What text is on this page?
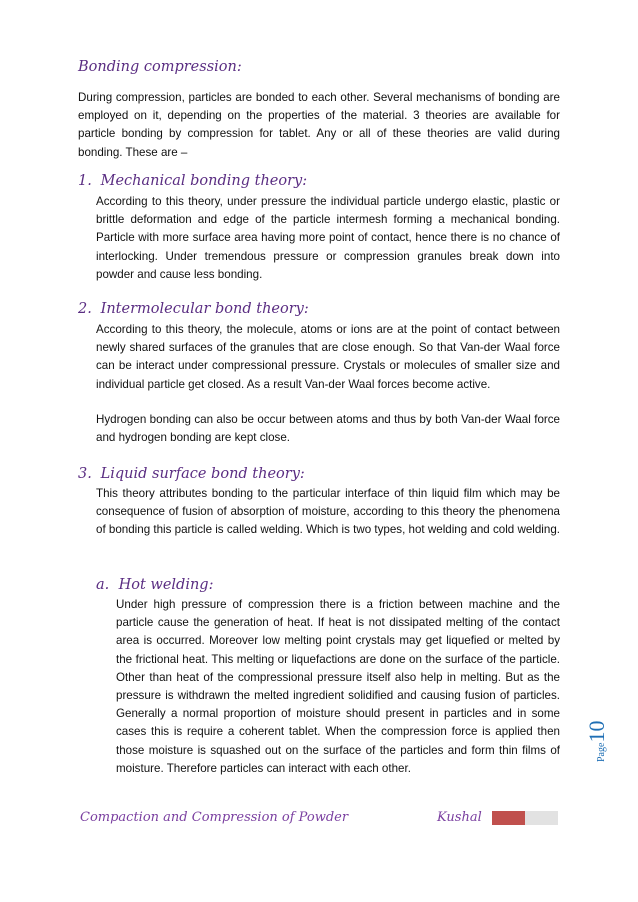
Bonding compression:

During compression, particles are bonded to each other. Several mechanisms of bonding are employed on it, depending on the properties of the material. 3 theories are available for particle bonding by compression for tablet. Any or all of these theories are valid during bonding. These are –

1. Mechanical bonding theory:

According to this theory, under pressure the individual particle undergo elastic, plastic or brittle deformation and edge of the particle intermesh forming a mechanical bonding. Particle with more surface area having more point of contact, hence there is no chance of interlocking. Under tremendous pressure or compression granules break down into powder and cause less bonding.

2. Intermolecular bond theory:

According to this theory, the molecule, atoms or ions are at the point of contact between newly shared surfaces of the granules that are close enough. So that Van-der Waal force can be interact under compressional pressure. Crystals or molecules of smaller size and individual particle get closed. As a result Van-der Waal forces become active.

Hydrogen bonding can also be occur between atoms and thus by both Van-der Waal force and hydrogen bonding are kept close.

3. Liquid surface bond theory:

This theory attributes bonding to the particular interface of thin liquid film which may be consequence of fusion of absorption of moisture, according to this theory the phenomena of bonding this particle is called welding. Which is two types, hot welding and cold welding.

a. Hot welding:

Under high pressure of compression there is a friction between machine and the particle cause the generation of heat. If heat is not dissipated melting of the contact area is occurred. Moreover low melting point crystals may get liquefied or melted by the frictional heat. This melting or liquefactions are done on the surface of the particle. Other than heat of the compressional pressure itself also help in melting. But as the pressure is withdrawn the melted ingredient solidified and causing fusion of particles. Generally a normal proportion of moisture should present in particles and in some cases this is require a coherent tablet. When the compression force is applied then those moisture is squashed out on the surface of the particles and form thin films of moisture. Therefore particles can interact with each other.

Compaction and Compression of Powder	Kushal

Page10
